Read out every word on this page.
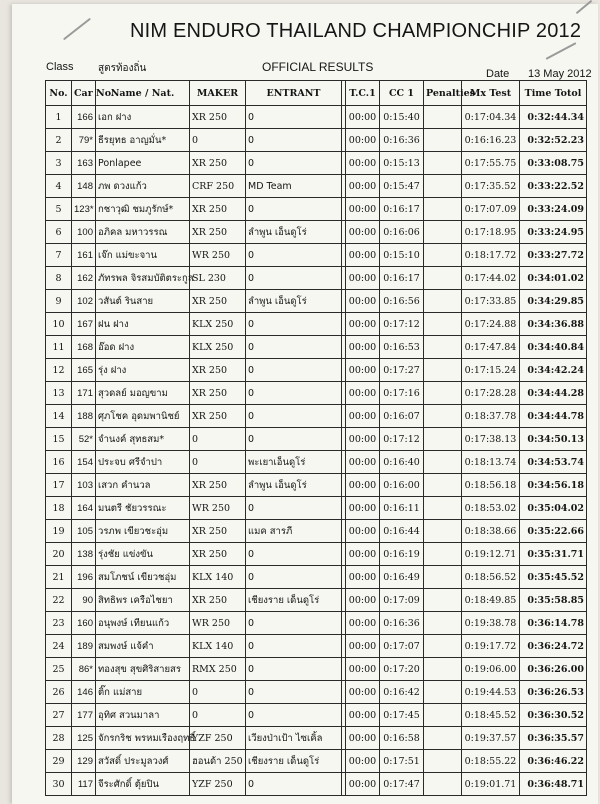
NIM ENDURO THAILAND CHAMPIONCHIP 2012
Class สูตรท้องถิ่น	OFFICIAL RESULTS	Date 13 May 2012
No.	Car No.	Name / Nat.	MAKER	ENTRANT		T.C.1	CC 1	Penalties	Mx Test	Time Totol
1	166	เอก ฝาง	XR 250	0		00:00	0:15:40		0:17:04.34	0:32:44.34
2	79*	ธีรยุทธ อาญมั่น*	0	0		00:00	0:16:36		0:16:16.23	0:32:52.23
3	163	Ponlapee	XR 250	0		00:00	0:15:13		0:17:55.75	0:33:08.75
4	148	ภพ ดวงแก้ว	CRF 250	MD Team		00:00	0:15:47		0:17:35.52	0:33:22.52
5	123*	กชาวุฒิ ชมภูรักษ์*	XR 250	0		00:00	0:16:17		0:17:07.09	0:33:24.09
6	100	อภิคล มหาวรรณ	XR 250	ลำพูน เอ็นดูโร่		00:00	0:16:06		0:17:18.95	0:33:24.95
7	161	เจ๊ก แม่ขะจาน	WR 250	0		00:00	0:15:10		0:18:17.72	0:33:27.72
8	162	ภัทรพล จิรสมบัติตระกูล	SL 230	0		00:00	0:16:17		0:17:44.02	0:34:01.02
9	102	วสันต์ รินสาย	XR 250	ลำพูน เอ็นดูโร่		00:00	0:16:56		0:17:33.85	0:34:29.85
10	167	ฝน ฝาง	KLX 250	0		00:00	0:17:12		0:17:24.88	0:34:36.88
11	168	อ๊อด ฝาง	KLX 250	0		00:00	0:16:53		0:17:47.84	0:34:40.84
12	165	รุ่ง ฝาง	XR 250	0		00:00	0:17:27		0:17:15.24	0:34:42.24
13	171	สุวดลย์ มอญขาม	XR 250	0		00:00	0:17:16		0:17:28.28	0:34:44.28
14	188	ศุภโชค อุดมพานิชย์	XR 250	0		00:00	0:16:07		0:18:37.78	0:34:44.78
15	52*	จำนงค์ สุทธสม*	0	0		00:00	0:17:12		0:17:38.13	0:34:50.13
16	154	ประจบ ศรีจำปา	0	พะเยาเอ็นดูโร่		00:00	0:16:40		0:18:13.74	0:34:53.74
17	103	เสวก คำนวล	XR 250	ลำพูน เอ็นดูโร่		00:00	0:16:00		0:18:56.18	0:34:56.18
18	164	มนตรี ชัยวรรณะ	WR 250	0		00:00	0:16:11		0:18:53.02	0:35:04.02
19	105	วรภพ เขียวชะอุ่ม	XR 250	แมค สารภี		00:00	0:16:44		0:18:38.66	0:35:22.66
20	138	รุ่งชัย แข่งขัน	XR 250	0		00:00	0:16:19		0:19:12.71	0:35:31.71
21	196	สมโภชน์ เขียวชอุ่ม	KLX 140	0		00:00	0:16:49		0:18:56.52	0:35:45.52
22	90	สิทธิพร เครือไชยา	XR 250	เชียงราย เด็นดูโร่		00:00	0:17:09		0:18:49.85	0:35:58.85
23	160	อนุพงษ์ เทียนแก้ว	WR 250	0		00:00	0:16:36		0:19:38.78	0:36:14.78
24	189	สมพงษ์ แจ้คำ	KLX 140	0		00:00	0:17:07		0:19:17.72	0:36:24.72
25	86*	ทองสุข สุขศิริสายสร	RMX 250	0		00:00	0:17:20		0:19:06.00	0:36:26.00
26	146	ติ๊ก แม่สาย	0	0		00:00	0:16:42		0:19:44.53	0:36:26.53
27	177	อุทิศ สวนมาลา	0	0		00:00	0:17:45		0:18:45.52	0:36:30.52
28	125	จักรกริช พรหมเรืองฤทธิ์	YZF 250	เวียงป่าเป้า ไซเคิ้ล		00:00	0:16:58		0:19:37.57	0:36:35.57
29	129	สวัสดิ์ ประมูลวงศ์	ฮอนด้า 250	เชียงราย เด็นดูโร่		00:00	0:17:51		0:18:55.22	0:36:46.22
30	117	จีระศักดิ์ ตุ้ยปิน	YZF 250	0		00:00	0:17:47		0:19:01.71	0:36:48.71
